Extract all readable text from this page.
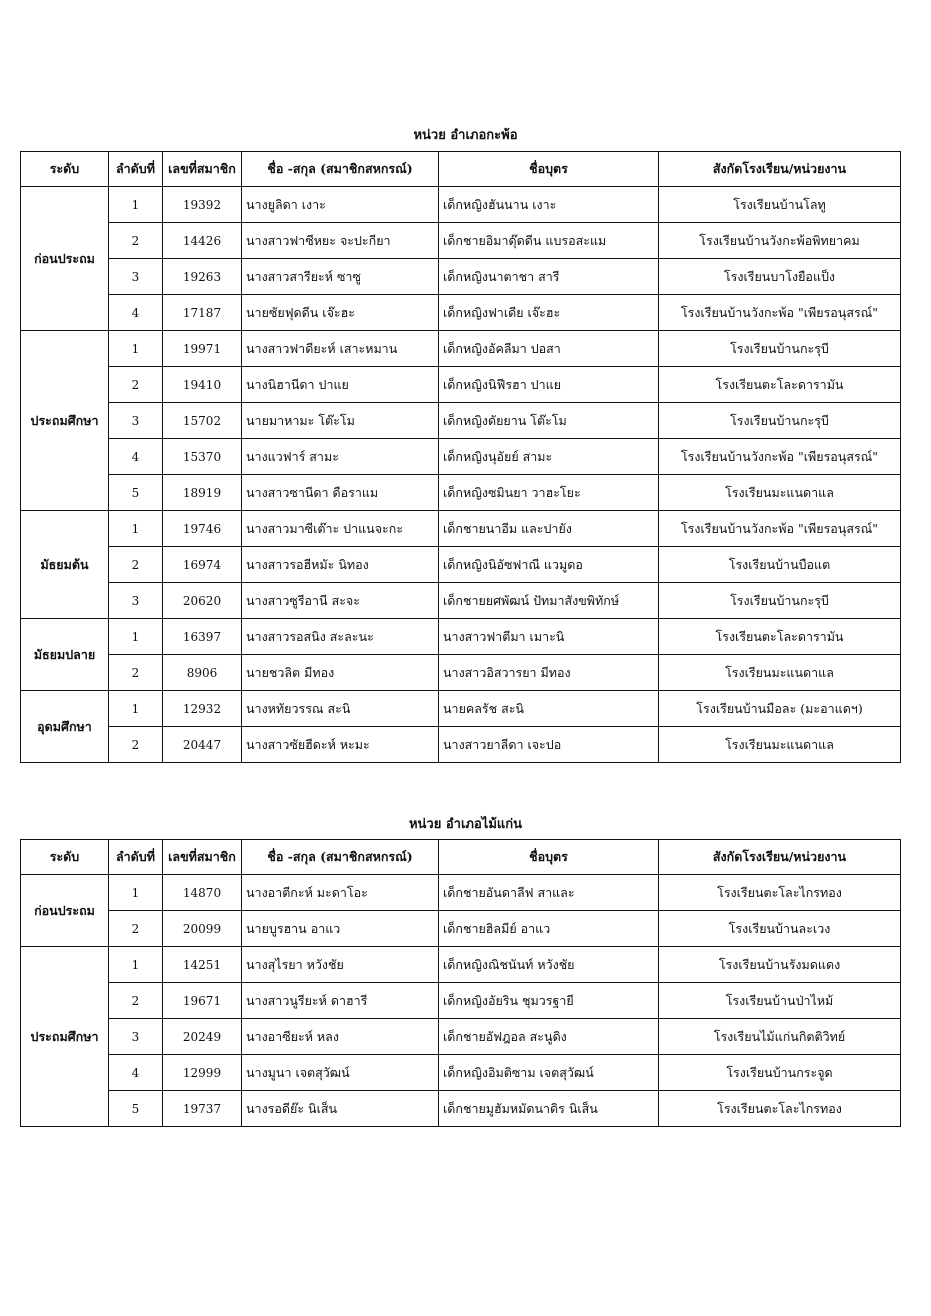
หน่วย อำเภอกะพ้อ
ระดับ	ลำดับที่	เลขที่สมาชิก	ชื่อ -สกุล (สมาชิกสหกรณ์)	ชื่อบุตร	สังกัดโรงเรียน/หน่วยงาน
ก่อนประถม	1	19392	นางยูลิดา เงาะ	เด็กหญิงฮันนาน เงาะ	โรงเรียนบ้านโลทู
	2	14426	นางสาวฟาซีหยะ จะปะกียา	เด็กชายอิมาดุ๊ดดีน แบรอสะแม	โรงเรียนบ้านวังกะพ้อพิทยาคม
	3	19263	นางสาวสารียะห์ ซาซู	เด็กหญิงนาตาชา สารี	โรงเรียนบาโงยือแป็ง
	4	17187	นายซัยฟุดดีน เจ๊ะฮะ	เด็กหญิงฟาเดีย เจ๊ะฮะ	โรงเรียนบ้านวังกะพ้อ "เพียรอนุสรณ์"
ประถมศึกษา	1	19971	นางสาวฟาดียะห์ เสาะหมาน	เด็กหญิงอัคลีมา ปอสา	โรงเรียนบ้านกะรุบี
	2	19410	นางนิฮานีดา ปาแย	เด็กหญิงนิฟีรฮา ปาแย	โรงเรียนตะโละดารามัน
	3	15702	นายมาหามะ โต๊ะโม	เด็กหญิงดัยยาน โต๊ะโม	โรงเรียนบ้านกะรุบี
	4	15370	นางแวฟาร์ สามะ	เด็กหญิงนุอัยย์ สามะ	โรงเรียนบ้านวังกะพ้อ "เพียรอนุสรณ์"
	5	18919	นางสาวซานีดา ดือราแม	เด็กหญิงซมินยา วาฮะโยะ	โรงเรียนมะแนดาแล
มัธยมต้น	1	19746	นางสาวมาซีเต๊าะ ปาแนจะกะ	เด็กชายนาอีม และปายัง	โรงเรียนบ้านวังกะพ้อ "เพียรอนุสรณ์"
	2	16974	นางสาวรอฮีหมัะ นิทอง	เด็กหญิงนิอัซฟาณี แวมูดอ	โรงเรียนบ้านบือแต
	3	20620	นางสาวซูรีอานี สะจะ	เด็กชายยศพัฒน์ ปัทมาสังขพิทักษ์	โรงเรียนบ้านกะรุบี
มัธยมปลาย	1	16397	นางสาวรอสนิง สะละนะ	นางสาวฟาตีมา เมาะนิ	โรงเรียนตะโละดารามัน
	2	8906	นายชวลิต มีทอง	นางสาวอิสวารยา มีทอง	โรงเรียนมะแนดาแล
อุดมศึกษา	1	12932	นางหทัยวรรณ สะนิ	นายคลรัช สะนิ	โรงเรียนบ้านมือละ (มะอาแดฯ)
	2	20447	นางสาวซัยฮีดะห์ หะมะ	นางสาวยาลีดา เจะปอ	โรงเรียนมะแนดาแล
หน่วย อำเภอไม้แก่น
ระดับ	ลำดับที่	เลขที่สมาชิก	ชื่อ -สกุล (สมาชิกสหกรณ์)	ชื่อบุตร	สังกัดโรงเรียน/หน่วยงาน
ก่อนประถม	1	14870	นางอาตีกะห์ มะดาโอะ	เด็กชายอันดาลีฟ สาและ	โรงเรียนตะโละไกรทอง
	2	20099	นายบูรฮาน อาแว	เด็กชายฮิลมีย์ อาแว	โรงเรียนบ้านละเวง
ประถมศึกษา	1	14251	นางสุไรยา หวังชัย	เด็กหญิงณิชนันท์ หวังชัย	โรงเรียนบ้านรังมดแดง
	2	19671	นางสาวนูรียะห์ ดาฮารี	เด็กหญิงอัยริน ชุมวรฐายี	โรงเรียนบ้านป่าไหม้
	3	20249	นางอาซียะห์ หลง	เด็กชายอัฟฎอล สะนูดิง	โรงเรียนไม้แก่นกิตติวิทย์
	4	12999	นางมูนา เจตสุวัฒน์	เด็กหญิงอิมติซาม เจตสุวัฒน์	โรงเรียนบ้านกระจูด
	5	19737	นางรอดีย๊ะ นิเส็น	เด็กชายมูฮัมหมัดนาดิร นิเส็น	โรงเรียนตะโละไกรทอง
